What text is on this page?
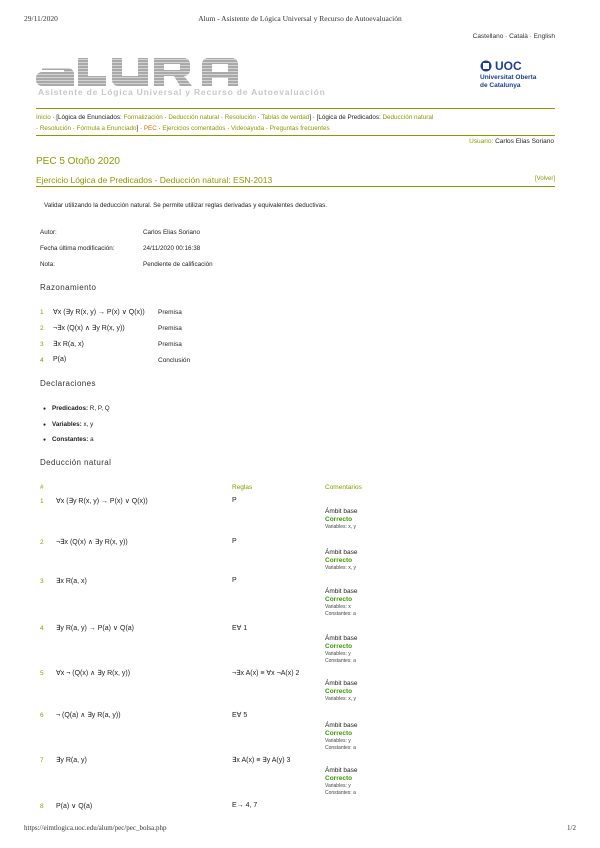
29/11/2020	Alum - Asistente de Lógica Universal y Recurso de Autoevaluación
Castellano · Català · English
Asistente de Lógica Universal y Recurso de Autoevaluación
UOC
Universitat Oberta
de Catalunya
Inicio · [Lógica de Enunciados: Formalización · Deducción natural · Resolución · Tablas de verdad] · [Lógica de Predicados: Deducción natural
· Resolución · Fórmula a Enunciado] · PEC · Ejercicios comentados · Videoayuda · Preguntas frecuentes
Usuario: Carlos Elias Soriano
PEC 5 Otoño 2020
Ejercicio Lógica de Predicados - Deducción natural: ESN-2013	[Volver]
Validar utilizando la deducción natural. Se permite utilizar reglas derivadas y equivalentes deductivas.
Autor:	Carlos Elias Soriano
Fecha última modificación:	24/11/2020 00:16:38
Nota:	Pendiente de calificación
Razonamiento
1 ∀x (∃y R(x, y) → P(x) ∨ Q(x)) Premisa
2 ¬∃x (Q(x) ∧ ∃y R(x, y))	Premisa
3 ∃x R(a, x)	Premisa
4 P(a)	Conclusión
Declaraciones
● Predicados: R, P, Q
● Variables: x, y
● Constantes: a
Deducción natural
#	Reglas	Comentarios
1 ∀x (∃y R(x, y) → P(x) ∨ Q(x))	P
Ámbit base
Correcto
Variables: x, y
2 ¬∃x (Q(x) ∧ ∃y R(x, y))	P
Ámbit base
Correcto
Variables: x, y
3 ∃x R(a, x)	P
Ámbit base
Correcto
Variables: x
Constantes: a
4 ∃y R(a, y) → P(a) ∨ Q(a)	E∀ 1
Ámbit base
Correcto
Variables: y
Constantes: a
5 ∀x ¬ (Q(x) ∧ ∃y R(x, y))	¬∃x A(x) ≡ ∀x ¬A(x) 2
Ámbit base
Correcto
Variables: x, y
6 ¬ (Q(a) ∧ ∃y R(a, y))	E∀ 5
Ámbit base
Correcto
Variables: y
Constantes: a
7 ∃y R(a, y)	∃x A(x) ≡ ∃y A(y) 3
Ámbit base
Correcto
Variables: y
Constantes: a
8 P(a) ∨ Q(a)	E→ 4, 7
https://eimtlogica.uoc.edu/alum/pec/pec_bolsa.php	1/2
